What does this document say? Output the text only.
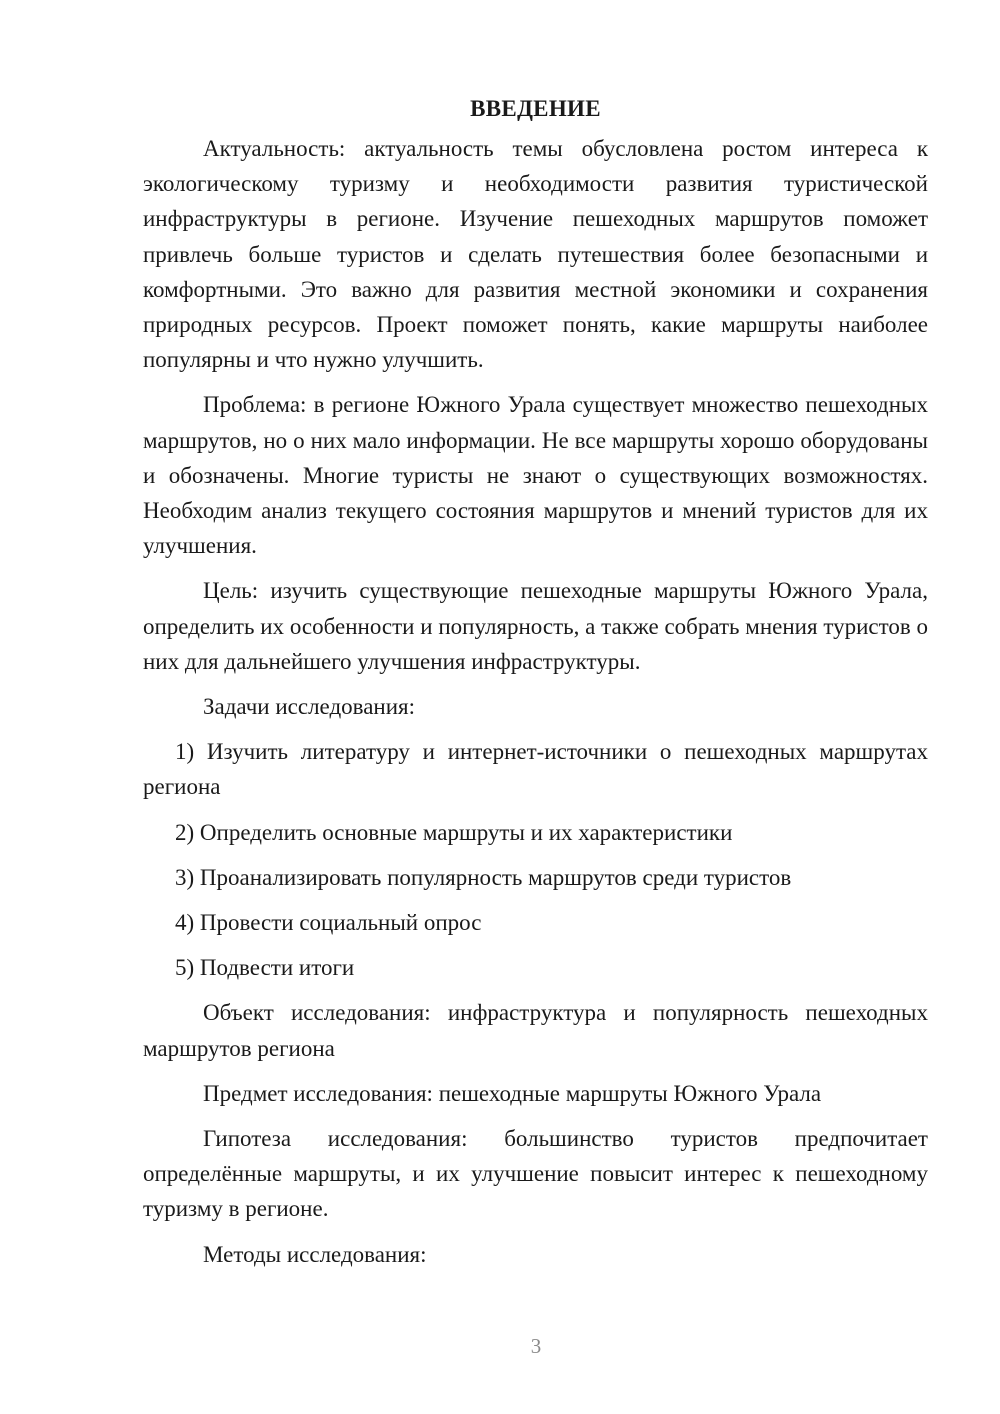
ВВЕДЕНИЕ

Актуальность: актуальность темы обусловлена ростом интереса к экологическому туризму и необходимости развития туристической инфраструктуры в регионе. Изучение пешеходных маршрутов поможет привлечь больше туристов и сделать путешествия более безопасными и комфортными. Это важно для развития местной экономики и сохранения природных ресурсов. Проект поможет понять, какие маршруты наиболее популярны и что нужно улучшить.

Проблема: в регионе Южного Урала существует множество пешеходных маршрутов, но о них мало информации. Не все маршруты хорошо оборудованы и обозначены. Многие туристы не знают о существующих возможностях. Необходим анализ текущего состояния маршрутов и мнений туристов для их улучшения.

Цель: изучить существующие пешеходные маршруты Южного Урала, определить их особенности и популярность, а также собрать мнения туристов о них для дальнейшего улучшения инфраструктуры.

Задачи исследования:

1) Изучить литературу и интернет-источники о пешеходных маршрутах региона

2) Определить основные маршруты и их характеристики

3) Проанализировать популярность маршрутов среди туристов

4) Провести социальный опрос

5) Подвести итоги

Объект исследования: инфраструктура и популярность пешеходных маршрутов региона

Предмет исследования: пешеходные маршруты Южного Урала

Гипотеза исследования: большинство туристов предпочитает определённые маршруты, и их улучшение повысит интерес к пешеходному туризму в регионе.

Методы исследования:

3
